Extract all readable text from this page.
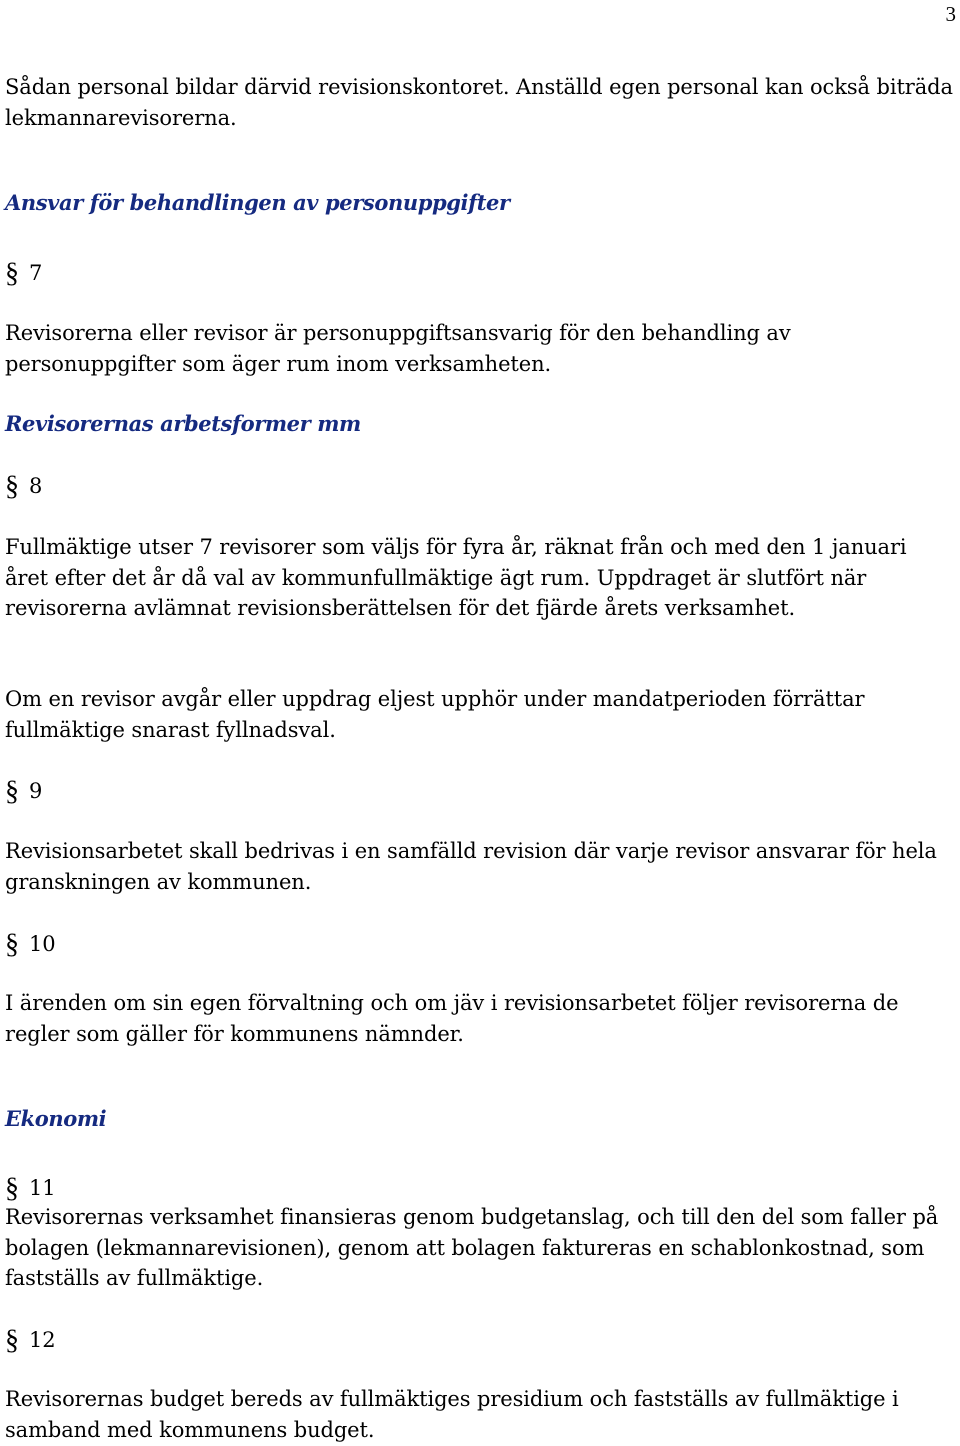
3

Sådan personal bildar därvid revisionskontoret. Anställd egen personal kan också biträda lekmannarevisorerna.

Ansvar för behandlingen av personuppgifter
§ 7

Revisorerna eller revisor är personuppgiftsansvarig för den behandling av personuppgifter som äger rum inom verksamheten.

Revisorernas arbetsformer mm
§ 8

Fullmäktige utser 7 revisorer som väljs för fyra år, räknat från och med den 1 januari året efter det år då val av kommunfullmäktige ägt rum. Uppdraget är slutfört när revisorerna avlämnat revisionsberättelsen för det fjärde årets verksamhet.

Om en revisor avgår eller uppdrag eljest upphör under mandatperioden förrättar fullmäktige snarast fyllnadsval.

§ 9

Revisionsarbetet skall bedrivas i en samfälld revision där varje revisor ansvarar för hela granskningen av kommunen.

§ 10

I ärenden om sin egen förvaltning och om jäv i revisionsarbetet följer revisorerna de regler som gäller för kommunens nämnder.

Ekonomi
§ 11

Revisorernas verksamhet finansieras genom budgetanslag, och till den del som faller på bolagen (lekmannarevisionen), genom att bolagen faktureras en schablonkostnad, som fastställs av fullmäktige.

§ 12

Revisorernas budget bereds av fullmäktiges presidium och fastställs av fullmäktige i samband med kommunens budget.
